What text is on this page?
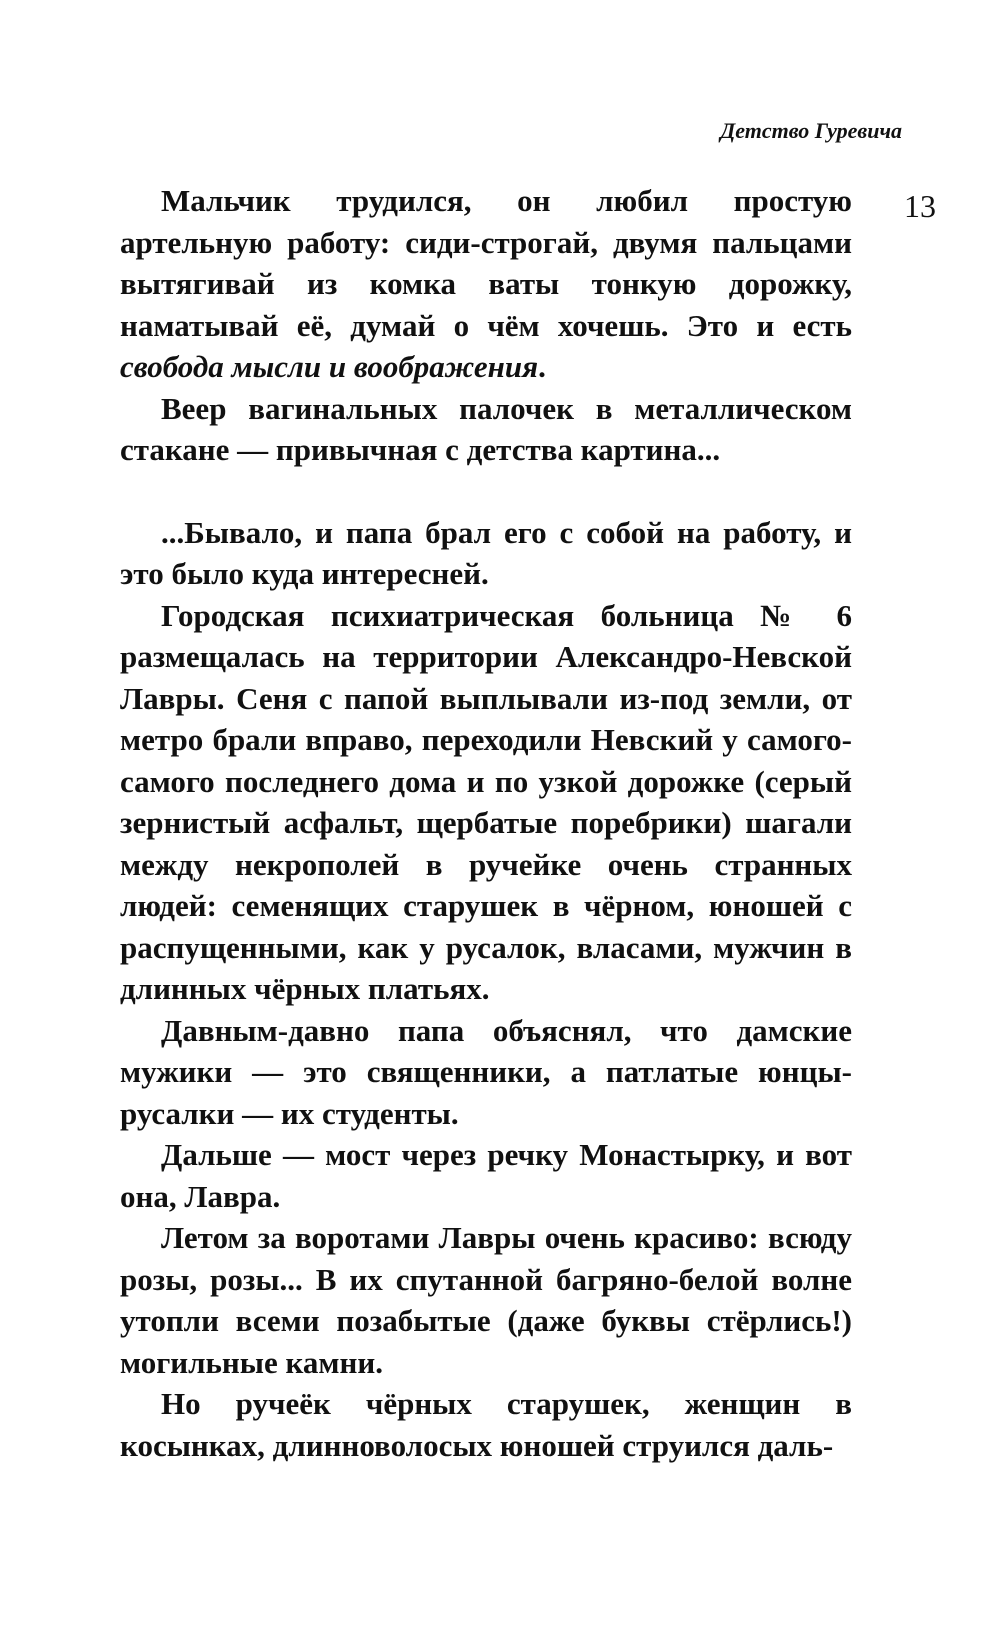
Детство Гуревича
13

Мальчик трудился, он любил простую артельную работу: сиди-строгай, двумя пальцами вытягивай из комка ваты тонкую дорожку, наматывай её, думай о чём хочешь. Это и есть свобода мысли и воображения.

Веер вагинальных палочек в металлическом стакане — привычная с детства картина...

...Бывало, и папа брал его с собой на работу, и это было куда интересней.

Городская психиатрическая больница № 6 размещалась на территории Александро-Невской Лавры. Сеня с папой выплывали из-под земли, от метро брали вправо, переходили Невский у самого-самого последнего дома и по узкой дорожке (серый зернистый асфальт, щербатые поребрики) шагали между некрополей в ручейке очень странных людей: семенящих старушек в чёрном, юношей с распущенными, как у русалок, власами, мужчин в длинных чёрных платьях.

Давным-давно папа объяснял, что дамские мужики — это священники, а патлатые юнцы-русалки — их студенты.

Дальше — мост через речку Монастырку, и вот она, Лавра.

Летом за воротами Лавры очень красиво: всюду розы, розы... В их спутанной багряно-белой волне утопли всеми позабытые (даже буквы стёрлись!) могильные камни.

Но ручеёк чёрных старушек, женщин в косынках, длинноволосых юношей струился даль-
